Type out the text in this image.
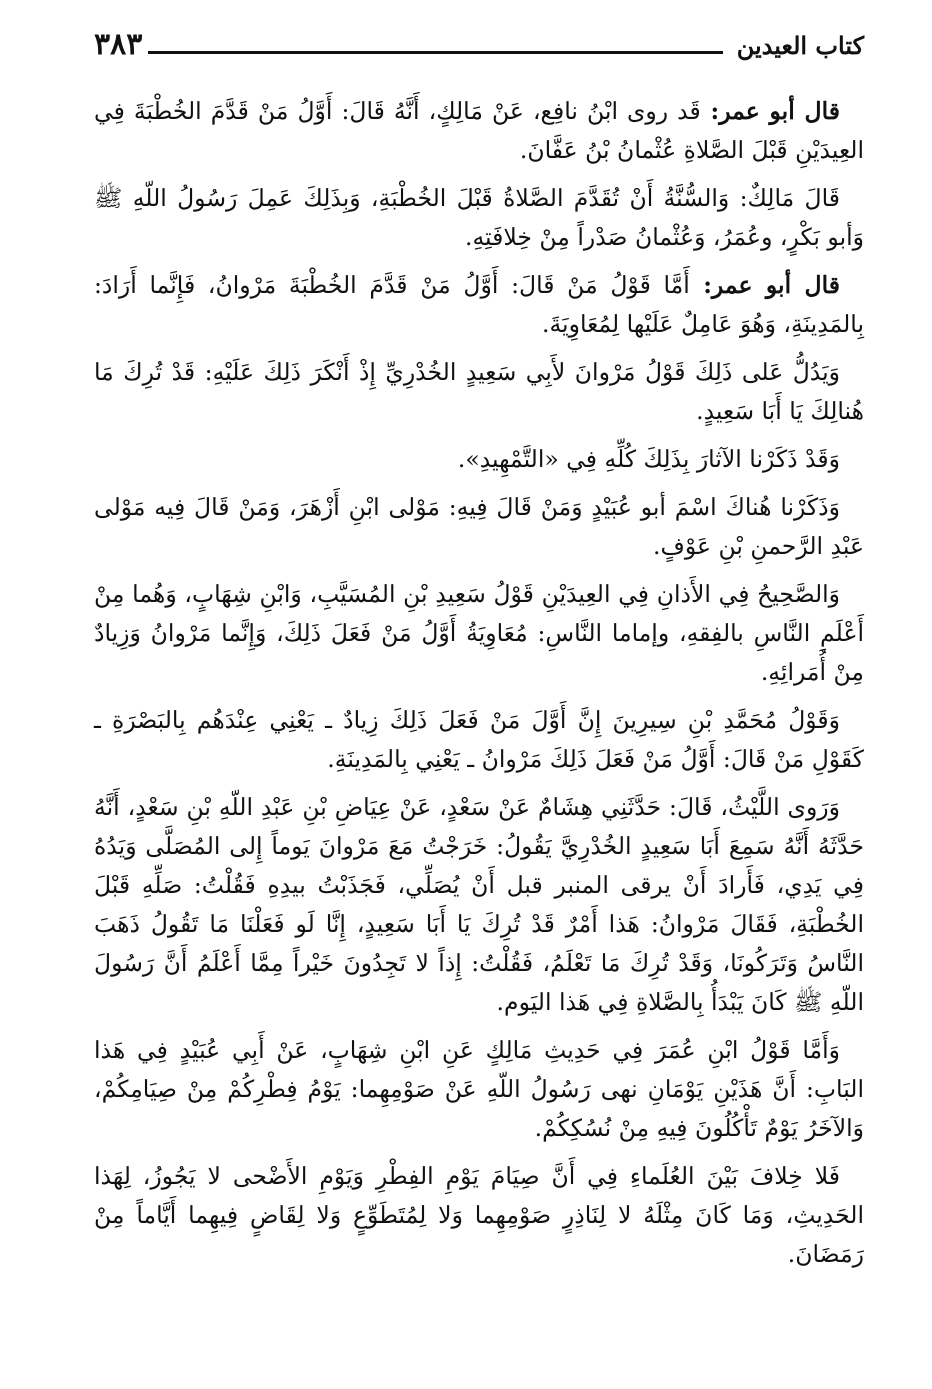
كتاب العيدين
٣٨٣

قال أبو عمر: قَد روى ابْنُ نافِع، عَنْ مَالِكٍ، أَنَّهُ قَالَ: أَوَّلُ مَنْ قَدَّمَ الخُطْبَةَ فِي العِيدَيْنِ قَبْلَ الصَّلاةِ عُثْمانُ بْنُ عَفَّانَ.

قَالَ مَالِكٌ: وَالسُّنَّةُ أَنْ تُقَدَّمَ الصَّلاةُ قَبْلَ الخُطْبَةِ، وَبِذَلِكَ عَمِلَ رَسُولُ اللّهِ ﷺ وَأبو بَكْرٍ، وعُمَرُ، وَعُثْمانُ صَدْراً مِنْ خِلافَتِهِ.

قال أبو عمر: أَمَّا قَوْلُ مَنْ قَالَ: أَوَّلُ مَنْ قَدَّمَ الخُطْبَةَ مَرْوانُ، فَإِنَّما أَرَادَ: بِالمَدِينَةِ، وَهُوَ عَامِلٌ عَلَيْها لِمُعَاوِيَةَ.

وَيَدُلُّ عَلى ذَلِكَ قَوْلُ مَرْوانَ لأَبِي سَعِيدٍ الخُدْرِيِّ إِذْ أَنْكَرَ ذَلِكَ عَلَيْهِ: قَدْ تُرِكَ مَا هُنالِكَ يَا أَبَا سَعِيدٍ.

وَقَدْ ذَكَرْنا الآثارَ بِذَلِكَ كُلِّهِ فِي «التَّمْهِيدِ».

وَذَكَرْنا هُناكَ اسْمَ أبو عُبَيْدٍ وَمَنْ قَالَ فِيهِ: مَوْلى ابْنِ أَزْهَرَ، وَمَنْ قَالَ فِيه مَوْلى عَبْدِ الرَّحمنِ بْنِ عَوْفٍ.

وَالصَّحِيحُ فِي الأَذانِ فِي العِيدَيْنِ قَوْلُ سَعِيدِ بْنِ المُسَيَّبِ، وَابْنِ شِهَابٍ، وَهُما مِنْ أَعْلَمِ النَّاسِ بالفِقهِ، وإماما النَّاسِ: مُعَاوِيَةُ أَوَّلُ مَنْ فَعَلَ ذَلِكَ، وَإِنَّما مَرْوانُ وَزِيادٌ مِنْ أُمَرائِهِ.

وَقَوْلُ مُحَمَّدِ بْنِ سِيرِينَ إِنَّ أَوَّلَ مَنْ فَعَلَ ذَلِكَ زِيادٌ ـ يَعْنِي عِنْدَهُم بِالبَصْرَةِ ـ كَقَوْلِ مَنْ قَالَ: أَوَّلُ مَنْ فَعَلَ ذَلِكَ مَرْوانُ ـ يَعْنِي بِالمَدِينَةِ.

وَرَوى اللَّيْثُ، قَالَ: حَدَّثَنِي هِشَامٌ عَنْ سَعْدٍ، عَنْ عِيَاضِ بْنِ عَبْدِ اللّهِ بْنِ سَعْدٍ، أَنَّهُ حَدَّثَهُ أَنَّهُ سَمِعَ أَبَا سَعِيدٍ الخُدْرِيَّ يَقُولُ: خَرَجْتُ مَعَ مَرْوانَ يَوماً إِلى المُصَلَّى وَيَدُهُ فِي يَدِي، فَأَرادَ أَنْ يرقى المنبر قبل أَنْ يُصَلِّي، فَجَذَبْتُ بيدِهِ فَقُلْتُ: صَلِّهِ قَبْلَ الخُطْبَةِ، فَقَالَ مَرْوانُ: هَذا أَمْرٌ قَدْ تُرِكَ يَا أَبَا سَعِيدٍ، إِنَّا لَو فَعَلْنَا مَا تَقُولُ ذَهَبَ النَّاسُ وَتَرَكُونَا، وَقَدْ تُرِكَ مَا تَعْلَمُ، فَقُلْتُ: إِذاً لا تَجِدُونَ خَيْراً مِمَّا أَعْلَمُ أَنَّ رَسُولَ اللّهِ ﷺ كَانَ يَبْدَأُ بِالصَّلاةِ فِي هَذا اليَوم.

وَأَمَّا قَوْلُ ابْنِ عُمَرَ فِي حَدِيثِ مَالِكٍ عَنِ ابْنِ شِهَابٍ، عَنْ أَبِي عُبَيْدٍ فِي هَذا البَابِ: أَنَّ هَذَيْنِ يَوْمَانِ نهى رَسُولُ اللّهِ عَنْ صَوْمِهِما: يَوْمُ فِطْرِكُمْ مِنْ صِيَامِكُمْ، وَالآخَرُ يَوْمٌ تَأْكُلُونَ فِيهِ مِنْ نُسُكِكُمْ.

فَلا خِلافَ بَيْنَ العُلَماءِ فِي أَنَّ صِيَامَ يَوْمِ الفِطْرِ وَيَوْمِ الأَضْحى لا يَجُوزُ، لِهَذا الحَدِيثِ، وَمَا كَانَ مِثْلَهُ لا لِنَاذِرٍ صَوْمِهِما وَلا لِمُتَطَوِّعٍ وَلا لِقَاضٍ فِيهِما أَيَّاماً مِنْ رَمَضَانَ.
